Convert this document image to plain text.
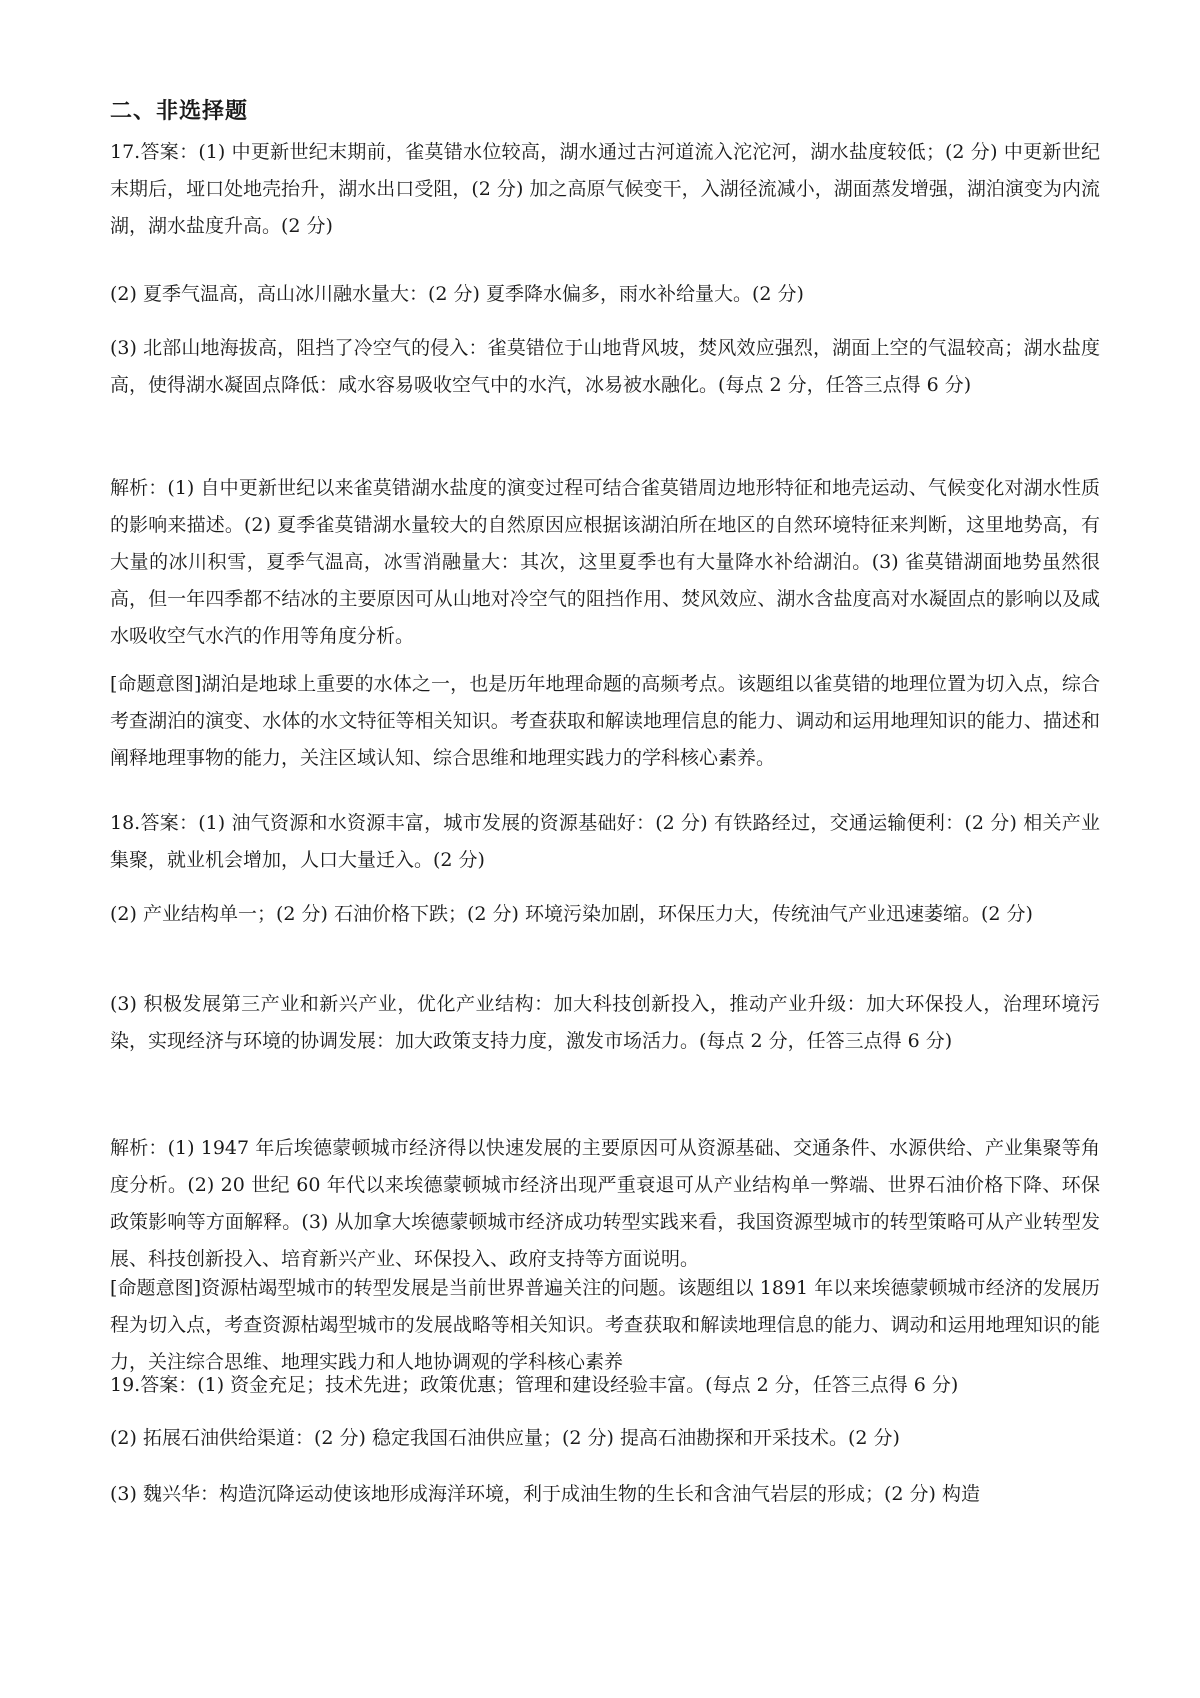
二、非选择题

17.答案：(1) 中更新世纪末期前，雀莫错水位较高，湖水通过古河道流入沱沱河，湖水盐度较低；(2 分) 中更新世纪末期后，垭口处地壳抬升，湖水出口受阻，(2 分) 加之高原气候变干，入湖径流减小，湖面蒸发增强，湖泊演变为内流湖，湖水盐度升高。(2 分)

(2) 夏季气温高，高山冰川融水量大：(2 分) 夏季降水偏多，雨水补给量大。(2 分)

(3) 北部山地海拔高，阻挡了冷空气的侵入：雀莫错位于山地背风坡，焚风效应强烈，湖面上空的气温较高；湖水盐度高，使得湖水凝固点降低：咸水容易吸收空气中的水汽，冰易被水融化。(每点 2 分，任答三点得 6 分)

解析：(1) 自中更新世纪以来雀莫错湖水盐度的演变过程可结合雀莫错周边地形特征和地壳运动、气候变化对湖水性质的影响来描述。(2) 夏季雀莫错湖水量较大的自然原因应根据该湖泊所在地区的自然环境特征来判断，这里地势高，有大量的冰川积雪，夏季气温高，冰雪消融量大：其次，这里夏季也有大量降水补给湖泊。(3) 雀莫错湖面地势虽然很高，但一年四季都不结冰的主要原因可从山地对冷空气的阻挡作用、焚风效应、湖水含盐度高对水凝固点的影响以及咸水吸收空气水汽的作用等角度分析。

[命题意图]湖泊是地球上重要的水体之一，也是历年地理命题的高频考点。该题组以雀莫错的地理位置为切入点，综合考查湖泊的演变、水体的水文特征等相关知识。考查获取和解读地理信息的能力、调动和运用地理知识的能力、描述和阐释地理事物的能力，关注区域认知、综合思维和地理实践力的学科核心素养。

18.答案：(1) 油气资源和水资源丰富，城市发展的资源基础好：(2 分) 有铁路经过，交通运输便利：(2 分) 相关产业集聚，就业机会增加，人口大量迁入。(2 分)

(2) 产业结构单一；(2 分) 石油价格下跌；(2 分) 环境污染加剧，环保压力大，传统油气产业迅速萎缩。(2 分)

(3) 积极发展第三产业和新兴产业，优化产业结构：加大科技创新投入，推动产业升级：加大环保投人，治理环境污染，实现经济与环境的协调发展：加大政策支持力度，激发市场活力。(每点 2 分，任答三点得 6 分)

解析：(1) 1947 年后埃德蒙顿城市经济得以快速发展的主要原因可从资源基础、交通条件、水源供给、产业集聚等角度分析。(2) 20 世纪 60 年代以来埃德蒙顿城市经济出现严重衰退可从产业结构单一弊端、世界石油价格下降、环保政策影响等方面解释。(3) 从加拿大埃德蒙顿城市经济成功转型实践来看，我国资源型城市的转型策略可从产业转型发展、科技创新投入、培育新兴产业、环保投入、政府支持等方面说明。

[命题意图]资源枯竭型城市的转型发展是当前世界普遍关注的问题。该题组以 1891 年以来埃德蒙顿城市经济的发展历程为切入点，考查资源枯竭型城市的发展战略等相关知识。考查获取和解读地理信息的能力、调动和运用地理知识的能力，关注综合思维、地理实践力和人地协调观的学科核心素养

19.答案：(1) 资金充足；技术先进；政策优惠；管理和建设经验丰富。(每点 2 分，任答三点得 6 分)

(2) 拓展石油供给渠道：(2 分) 稳定我国石油供应量；(2 分) 提高石油勘探和开采技术。(2 分)

(3) 魏兴华：构造沉降运动使该地形成海洋环境，利于成油生物的生长和含油气岩层的形成；(2 分) 构造
